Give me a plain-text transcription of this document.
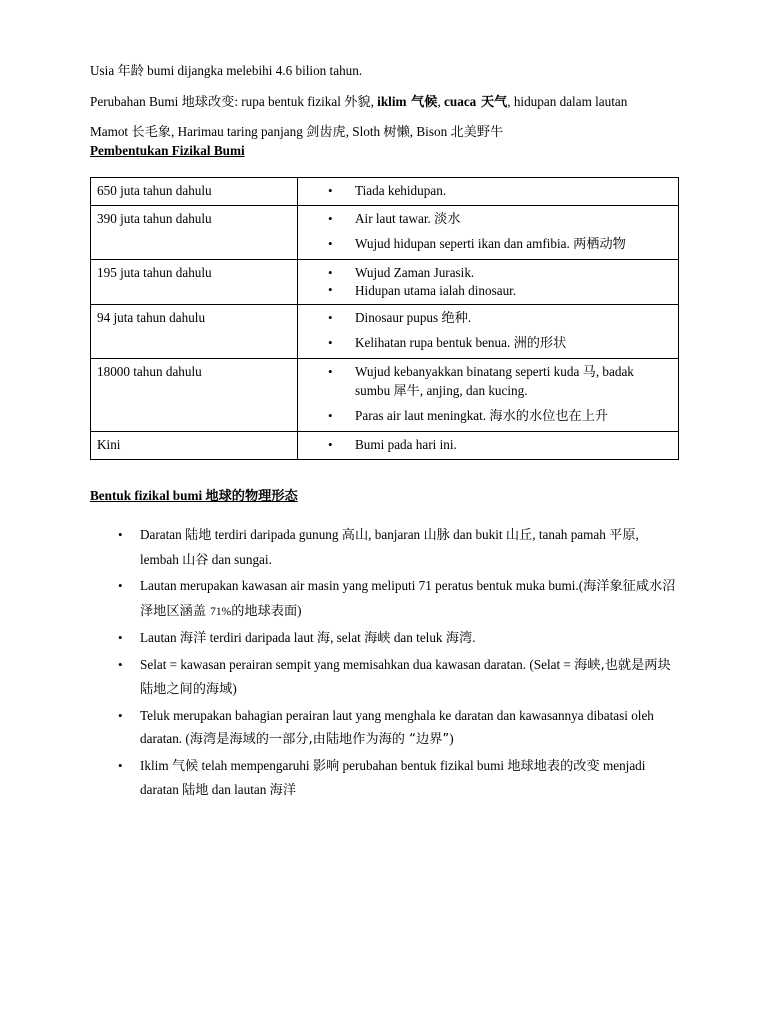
Usia 年龄 bumi dijangka melebihi 4.6 bilion tahun.

Perubahan Bumi 地球改变: rupa bentuk fizikal 外貌, iklim 气候, cuaca 天气, hidupan dalam lautan

Mamot 长毛象, Harimau taring panjang 剑齿虎, Sloth 树懒, Bison 北美野牛

Pembentukan Fizikal Bumi
650 juta tahun dahulu	
•Tiada kehidupan.

390 juta tahun dahulu	
•Air laut tawar. 淡水
• Wujud hidupan seperti ikan dan amfibia. 两栖动物

195 juta tahun dahulu	
•Wujud Zaman Jurasik.
• Hidupan utama ialah dinosaur.

94 juta tahun dahulu	
•Dinosaur pupus 绝种.
• Kelihatan rupa bentuk benua. 洲的形状

18000 tahun dahulu	
•Wujud kebanyakkan binatang seperti kuda 马, badak sumbu 犀牛, anjing, dan kucing.
• Paras air laut meningkat. 海水的水位也在上升

Kini	
•Bumi pada hari ini.
Bentuk fizikal bumi 地球的物理形态
• Daratan 陆地 terdiri daripada gunung 高山, banjaran 山脉 dan bukit 山丘, tanah pamah 平原, lembah 山谷 dan sungai.
• Lautan merupakan kawasan air masin yang meliputi 71 peratus bentuk muka bumi.(海洋象征咸水沼泽地区涵盖 71%的地球表面)
• Lautan 海洋 terdiri daripada laut 海, selat 海峡 dan teluk 海湾.
• Selat = kawasan perairan sempit yang memisahkan dua kawasan daratan. (Selat = 海峡,也就是两块陆地之间的海域)
• Teluk merupakan bahagian perairan laut yang menghala ke daratan dan kawasannya dibatasi oleh daratan. (海湾是海域的一部分,由陆地作为海的 “边界”)
• Iklim 气候 telah mempengaruhi 影响 perubahan bentuk fizikal bumi 地球地表的改变 menjadi daratan 陆地 dan lautan 海洋
